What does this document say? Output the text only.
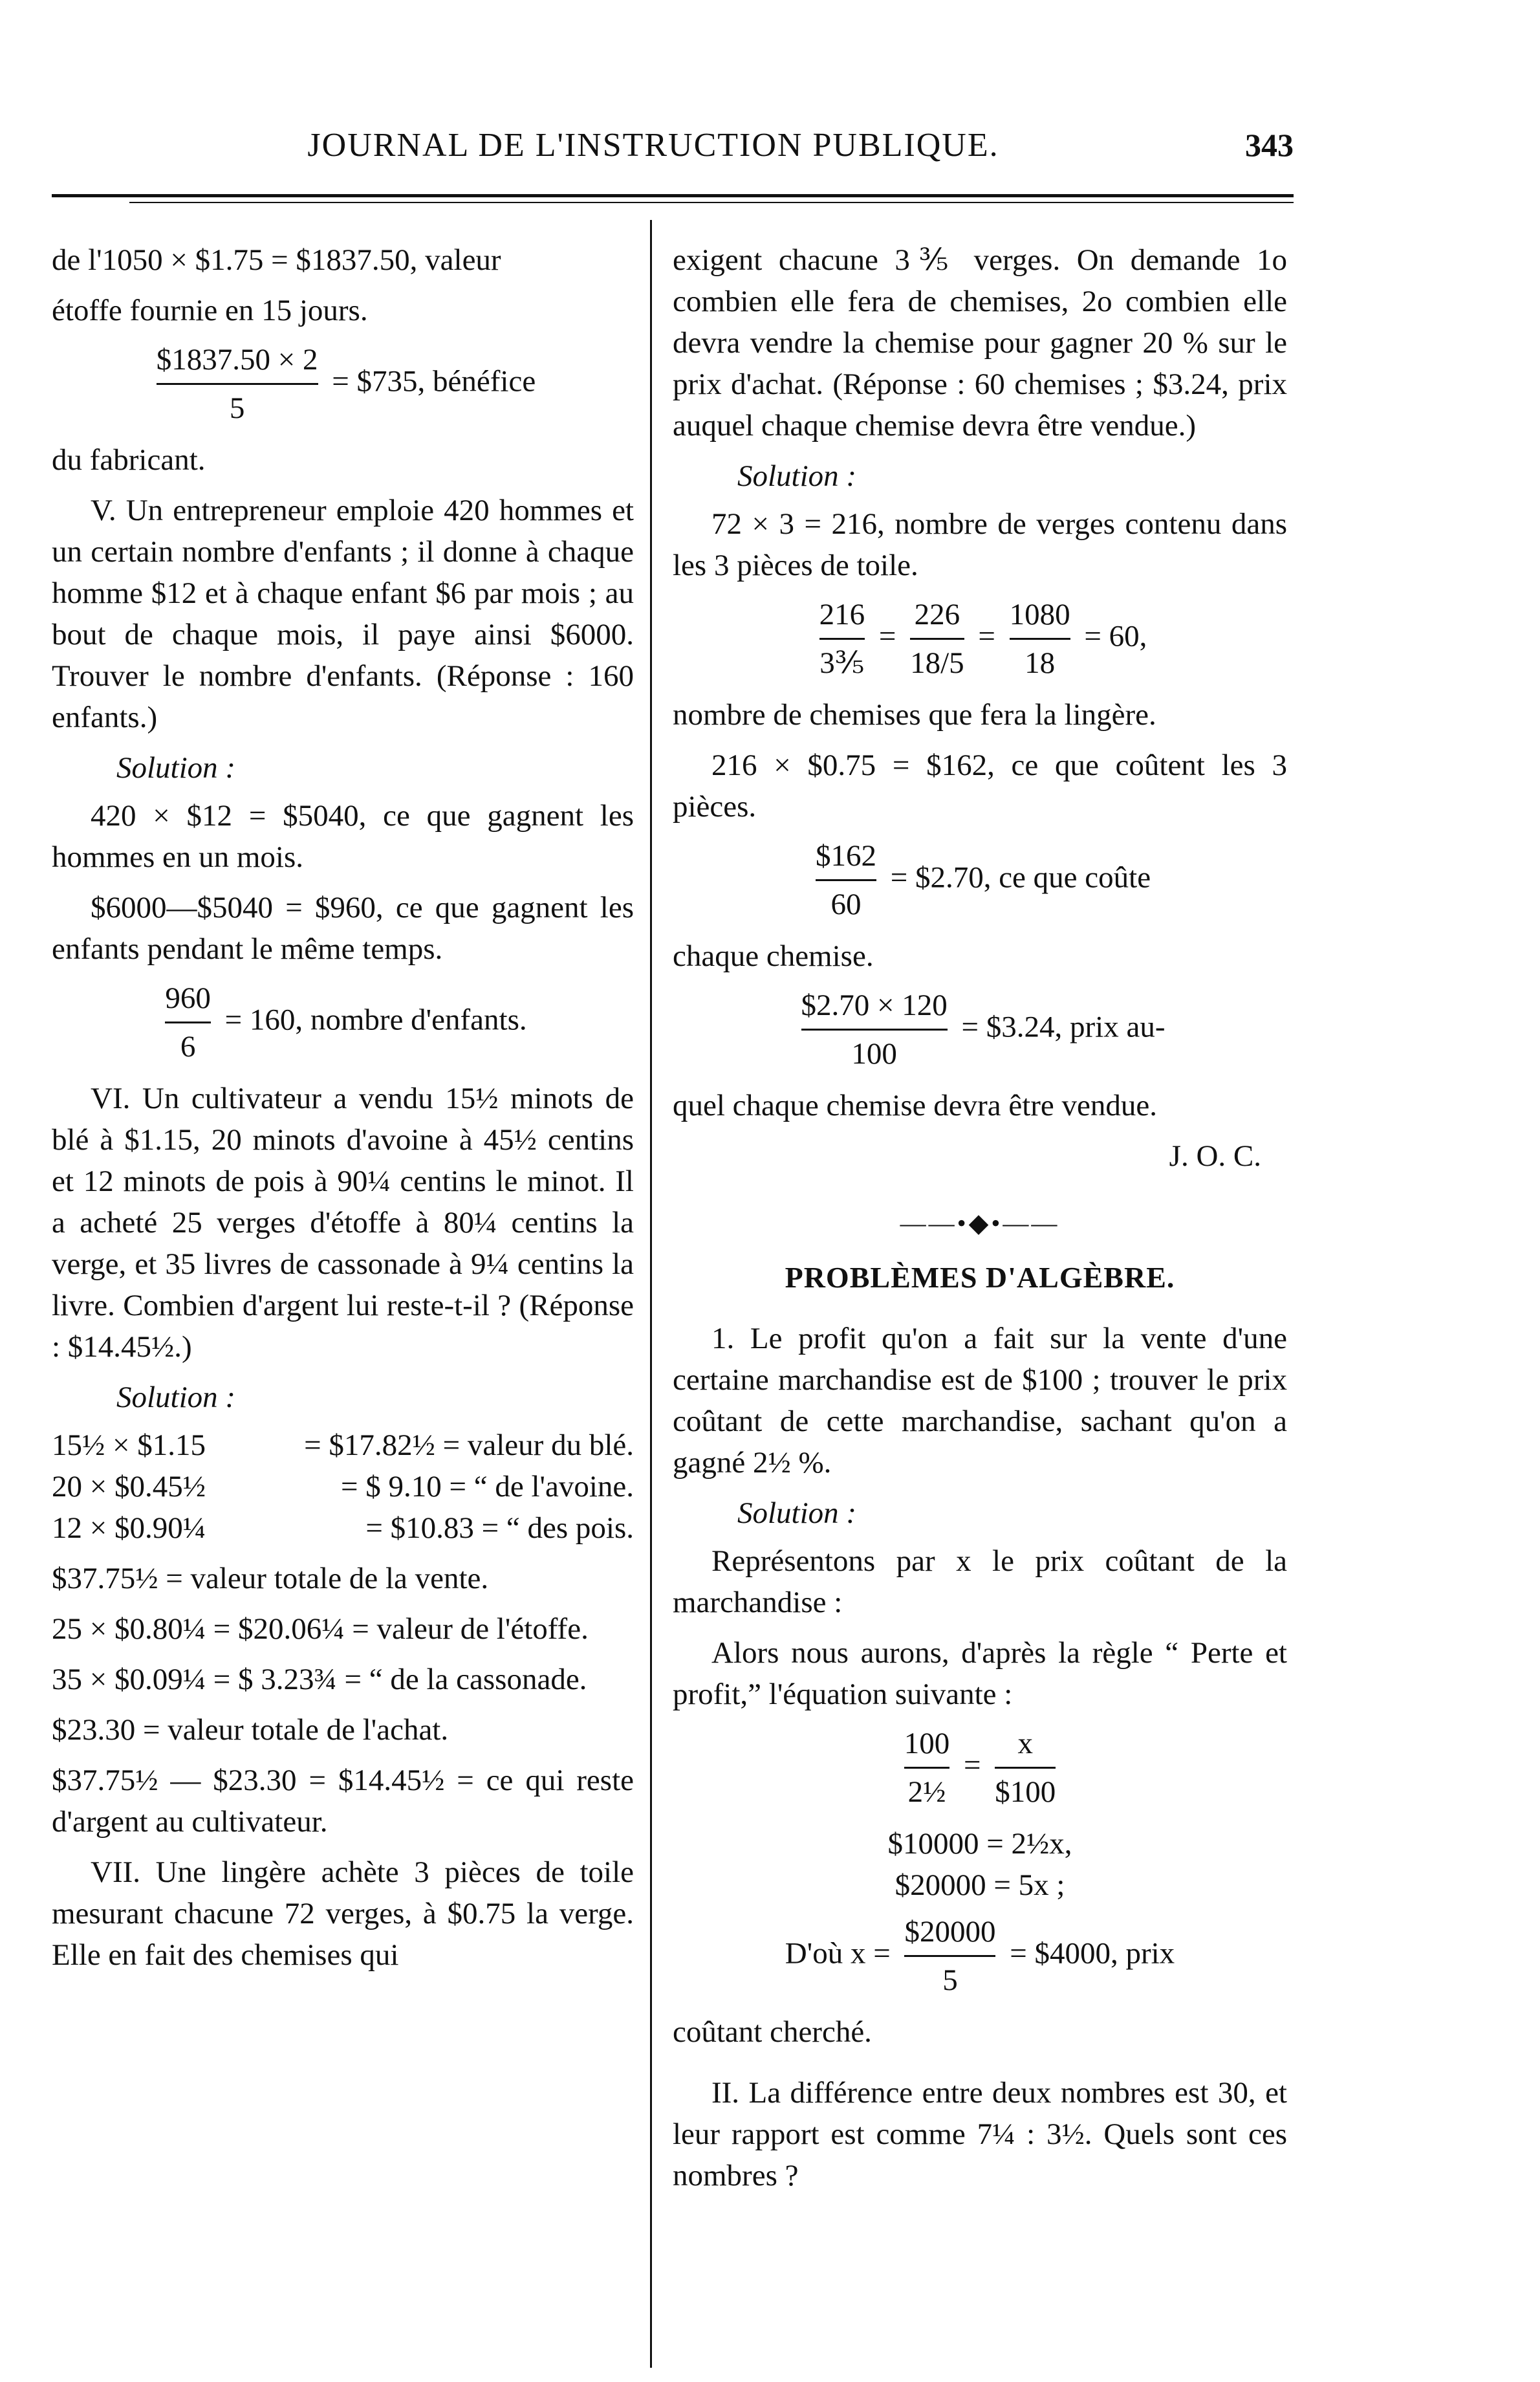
JOURNAL DE L'INSTRUCTION PUBLIQUE.	343

de l'1050 × $1.75 = $1837.50, valeur

étoffe fournie en 15 jours.

$\frac{\$1837.50 \times 2}{5}$ = $735, bénéfice

du fabricant.

V. Un entrepreneur emploie 420 hommes et un certain nombre d'enfants ; il donne à chaque homme $12 et à chaque enfant $6 par mois ; au bout de chaque mois, il paye ainsi $6000. Trouver le nombre d'enfants. (Réponse : 160 enfants.)

Solution :

420 × $12 = $5040, ce que gagnent les hommes en un mois.

$6000—$5040 = $960, ce que gagnent les enfants pendant le même temps.

$\frac{960}{6} = 160$, nombre d'enfants.

VI. Un cultivateur a vendu 15½ minots de blé à $1.15, 20 minots d'avoine à 45½ centins et 12 minots de pois à 90¼ centins le minot. Il a acheté 25 verges d'étoffe à 80¼ centins la verge, et 35 livres de cassonade à 9¼ centins la livre. Combien d'argent lui reste-t-il ? (Réponse : $14.45½.)

Solution :
15½ × $1.15	= $17.82½ = valeur du blé.
20 × $0.45½	= $ 9.10 = “ de l'avoine.
12 × $0.90¼	= $10.83 = “ des pois.

$37.75½ = valeur totale de la vente.

25 × $0.80¼ = $20.06¼ = valeur de l'étoffe.

35 × $0.09¼ = $ 3.23¾ = “ de la cassonade.

$23.30 = valeur totale de l'achat.

$37.75½ — $23.30 = $14.45½ = ce qui reste d'argent au cultivateur.

VII. Une lingère achète 3 pièces de toile mesurant chacune 72 verges, à $0.75 la verge. Elle en fait des chemises qui

exigent chacune 3⅗ verges. On demande 1o combien elle fera de chemises, 2o combien elle devra vendre la chemise pour gagner 20 % sur le prix d'achat. (Réponse : 60 chemises ; $3.24, prix auquel chaque chemise devra être vendue.)

Solution :

72 × 3 = 216, nombre de verges contenu dans les 3 pièces de toile.

$\frac{216}{\text{3⅗}} = \frac{226}{18/5} = \frac{1080}{18} = 60$,

nombre de chemises que fera la lingère.

216 × $0.75 = $162, ce que coûtent les 3 pièces.

$\frac{\$162}{60}$ = $2.70, ce que coûte

chaque chemise.

$\frac{\$2.70 \times 120}{100}$ = $3.24, prix au-

quel chaque chemise devra être vendue.

J. O. C.
——•◆•——
PROBLÈMES D'ALGÈBRE.

1. Le profit qu'on a fait sur la vente d'une certaine marchandise est de $100 ; trouver le prix coûtant de cette marchandise, sachant qu'on a gagné 2½ %.

Solution :

Représentons par x le prix coûtant de la marchandise :

Alors nous aurons, d'après la règle “ Perte et profit,” l'équation suivante :

$\frac{100}{\text{2½}} = \frac{x}{\$100}$
$10000 = 2½x,
$20000 = 5x ;
D'où $x = \frac{\$20000}{5}$ = $4000, prix

coûtant cherché.

II. La différence entre deux nombres est 30, et leur rapport est comme 7¼ : 3½. Quels sont ces nombres ?
